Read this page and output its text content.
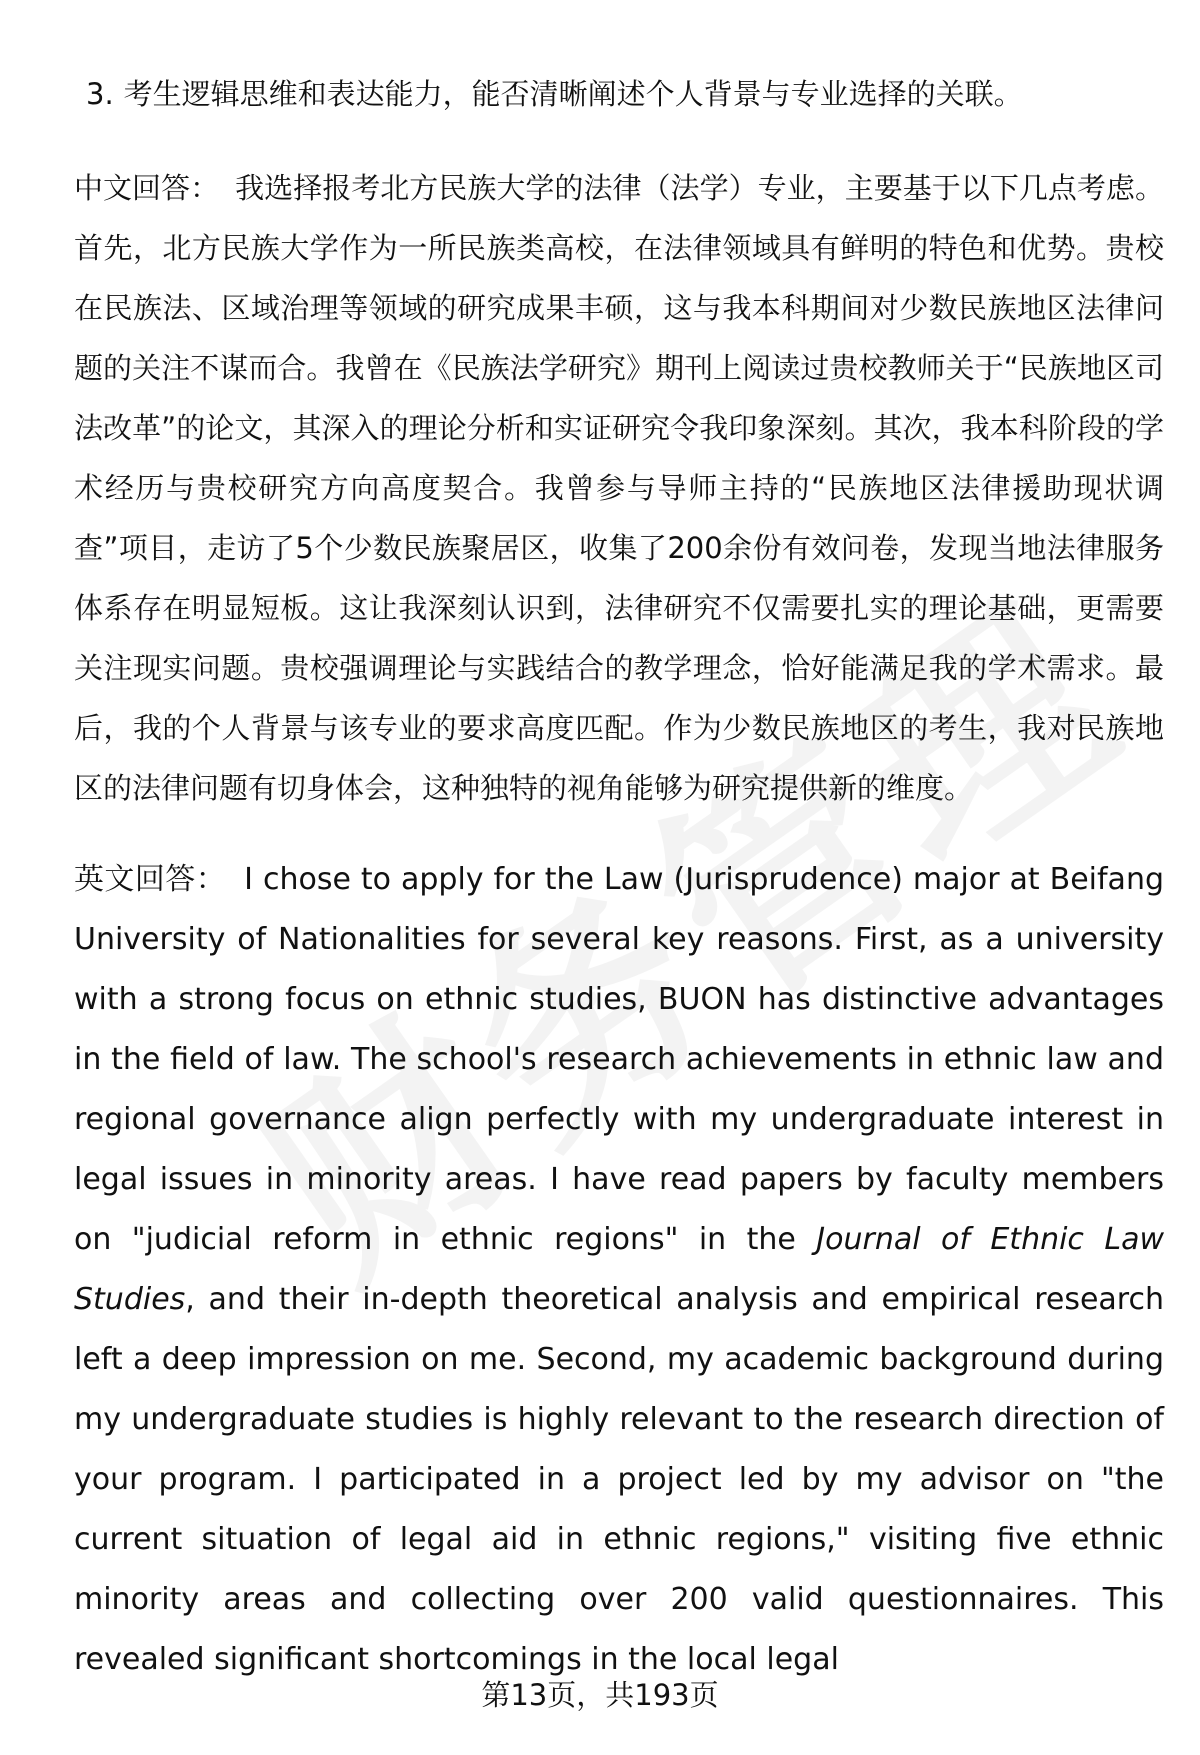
3. 考生逻辑思维和表达能力，能否清晰阐述个人背景与专业选择的关联。

中文回答： 我选择报考北方民族大学的法律（法学）专业，主要基于以下几点考虑。首先，北方民族大学作为一所民族类高校，在法律领域具有鲜明的特色和优势。贵校在民族法、区域治理等领域的研究成果丰硕，这与我本科期间对少数民族地区法律问题的关注不谋而合。我曾在《民族法学研究》期刊上阅读过贵校教师关于“民族地区司法改革”的论文，其深入的理论分析和实证研究令我印象深刻。其次，我本科阶段的学术经历与贵校研究方向高度契合。我曾参与导师主持的“民族地区法律援助现状调查”项目，走访了5个少数民族聚居区，收集了200余份有效问卷，发现当地法律服务体系存在明显短板。这让我深刻认识到，法律研究不仅需要扎实的理论基础，更需要关注现实问题。贵校强调理论与实践结合的教学理念，恰好能满足我的学术需求。最后，我的个人背景与该专业的要求高度匹配。作为少数民族地区的考生，我对民族地区的法律问题有切身体会，这种独特的视角能够为研究提供新的维度。

英文回答： I chose to apply for the Law (Jurisprudence) major at Beifang University of Nationalities for several key reasons. First, as a university with a strong focus on ethnic studies, BUON has distinctive advantages in the field of law. The school's research achievements in ethnic law and regional governance align perfectly with my undergraduate interest in legal issues in minority areas. I have read papers by faculty members on "judicial reform in ethnic regions" in the Journal of Ethnic Law Studies, and their in-depth theoretical analysis and empirical research left a deep impression on me. Second, my academic background during my undergraduate studies is highly relevant to the research direction of your program. I participated in a project led by my advisor on "the current situation of legal aid in ethnic regions," visiting five ethnic minority areas and collecting over 200 valid questionnaires. This revealed significant shortcomings in the local legal

第13页，共193页
